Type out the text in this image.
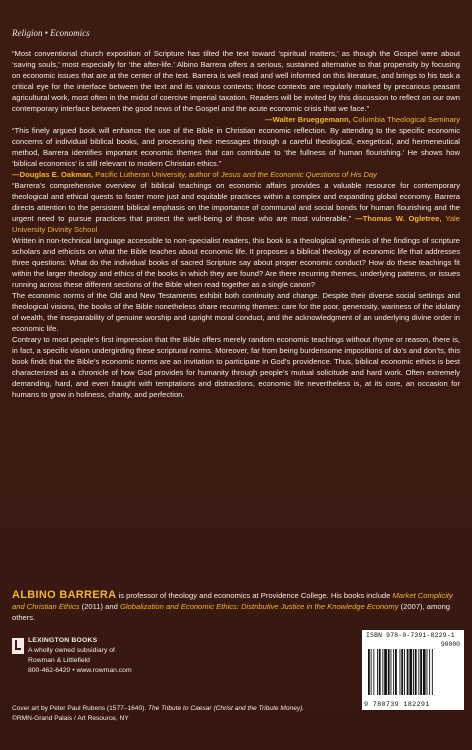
Religion • Economics

“Most conventional church exposition of Scripture has tilted the text toward ‘spiritual matters,’ as though the Gospel were about ‘saving souls,’ most especially for ‘the after-life.’ Albino Barrera offers a serious, sustained alternative to that propensity by focusing on economic issues that are at the center of the text. Barrera is well read and well informed on this literature, and brings to his task a critical eye for the interface between the text and its various contexts; those contexts are regularly marked by precarious peasant agricultural work, most often in the midst of coercive imperial taxation. Readers will be invited by this discussion to reflect on our own contemporary interface between the good news of the Gospel and the acute economic crisis that we face.”
—Walter Brueggemann, Columbia Theological Seminary

“This finely argued book will enhance the use of the Bible in Christian economic reflection. By attending to the specific economic concerns of individual biblical books, and processing their messages through a careful theological, exegetical, and hermeneutical method, Barrera identifies important economic themes that can contribute to ‘the fullness of human flourishing.’ He shows how ‘biblical economics’ is still relevant to modern Christian ethics.”
—Douglas E. Oakman, Pacific Lutheran University, author of Jesus and the Economic Questions of His Day

“Barrera’s comprehensive overview of biblical teachings on economic affairs provides a valuable resource for contemporary theological and ethical quests to foster more just and equitable practices within a complex and expanding global economy. Barrera directs attention to the persistent biblical emphasis on the importance of communal and social bonds for human flourishing and the urgent need to pursue practices that protect the well-being of those who are most vulnerable.” —Thomas W. Ogletree, Yale University Divinity School

Written in non-technical language accessible to non-specialist readers, this book is a theological synthesis of the findings of scripture scholars and ethicists on what the Bible teaches about economic life. It proposes a biblical theology of economic life that addresses three questions: What do the individual books of sacred Scripture say about proper economic conduct? How do these teachings fit within the larger theology and ethics of the books in which they are found? Are there recurring themes, underlying patterns, or issues running across these different sections of the Bible when read together as a single canon?

The economic norms of the Old and New Testaments exhibit both continuity and change. Despite their diverse social settings and theological visions, the books of the Bible nonetheless share recurring themes: care for the poor, generosity, wariness of the idolatry of wealth, the inseparability of genuine worship and upright moral conduct, and the acknowledgment of an underlying divine order in economic life.

Contrary to most people’s first impression that the Bible offers merely random economic teachings without rhyme or reason, there is, in fact, a specific vision undergirding these scriptural norms. Moreover, far from being burdensome impositions of do’s and don’ts, this book finds that the Bible’s economic norms are an invitation to participate in God’s providence. Thus, biblical economic ethics is best characterized as a chronicle of how God provides for humanity through people’s mutual solicitude and hard work. Often extremely demanding, hard, and even fraught with temptations and distractions, economic life nevertheless is, at its core, an occasion for humans to grow in holiness, charity, and perfection.

ALBINO BARRERA is professor of theology and economics at Providence College. His books include Market Complicity and Christian Ethics (2011) and Globalization and Economic Ethics: Distributive Justice in the Knowledge Economy (2007), among others.
LEXINGTON BOOKS
A wholly owned subsidiary of
Rowman & Littlefield
800-462-6420 • www.rowman.com
ISBN 978-0-7391-8229-1
90000
9 780739 182291
Cover art by Peter Paul Rubens (1577–1640). The Tribute to Caesar (Christ and the Tribute Money).
©RMN-Grand Palais / Art Resource, NY
